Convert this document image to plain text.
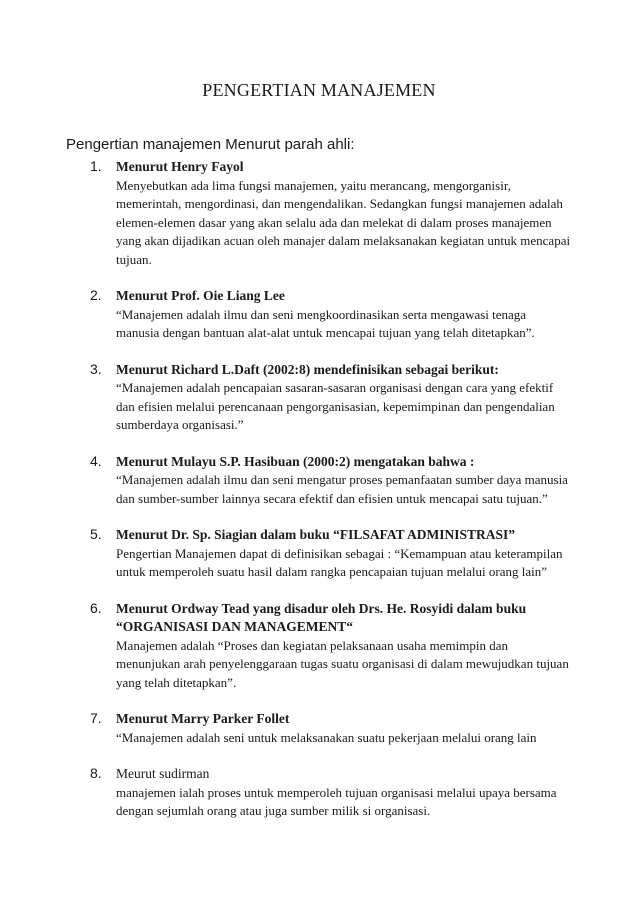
PENGERTIAN MANAJEMEN
Pengertian manajemen Menurut parah ahli:
1. Menurut Henry Fayol
Menyebutkan ada lima fungsi manajemen, yaitu merancang, mengorganisir, memerintah, mengordinasi, dan mengendalikan. Sedangkan fungsi manajemen adalah elemen-elemen dasar yang akan selalu ada dan melekat di dalam proses manajemen yang akan dijadikan acuan oleh manajer dalam melaksanakan kegiatan untuk mencapai tujuan.
2. Menurut Prof. Oie Liang Lee
“Manajemen adalah ilmu dan seni mengkoordinasikan serta mengawasi tenaga manusia dengan bantuan alat-alat untuk mencapai tujuan yang telah ditetapkan”.
3. Menurut Richard L.Daft (2002:8) mendefinisikan sebagai berikut:
“Manajemen adalah pencapaian sasaran-sasaran organisasi dengan cara yang efektif dan efisien melalui perencanaan pengorganisasian, kepemimpinan dan pengendalian sumberdaya organisasi.”
4. Menurut Mulayu S.P. Hasibuan (2000:2) mengatakan bahwa :
“Manajemen adalah ilmu dan seni mengatur proses pemanfaatan sumber daya manusia dan sumber-sumber lainnya secara efektif dan efisien untuk mencapai satu tujuan.”
5. Menurut Dr. Sp. Siagian dalam buku “FILSAFAT ADMINISTRASI”
Pengertian Manajemen dapat di definisikan sebagai : “Kemampuan atau keterampilan untuk memperoleh suatu hasil dalam rangka pencapaian tujuan melalui orang lain”
6. Menurut Ordway Tead yang disadur oleh Drs. He. Rosyidi dalam buku “ORGANISASI DAN MANAGEMENT“
Manajemen adalah “Proses dan kegiatan pelaksanaan usaha memimpin dan menunjukan arah penyelenggaraan tugas suatu organisasi di dalam mewujudkan tujuan yang telah ditetapkan”.
7. Menurut Marry Parker Follet
“Manajemen adalah seni untuk melaksanakan suatu pekerjaan melalui orang lain
8. Meurut sudirman
manajemen ialah proses untuk memperoleh tujuan organisasi melalui upaya bersama dengan sejumlah orang atau juga sumber milik si organisasi.
